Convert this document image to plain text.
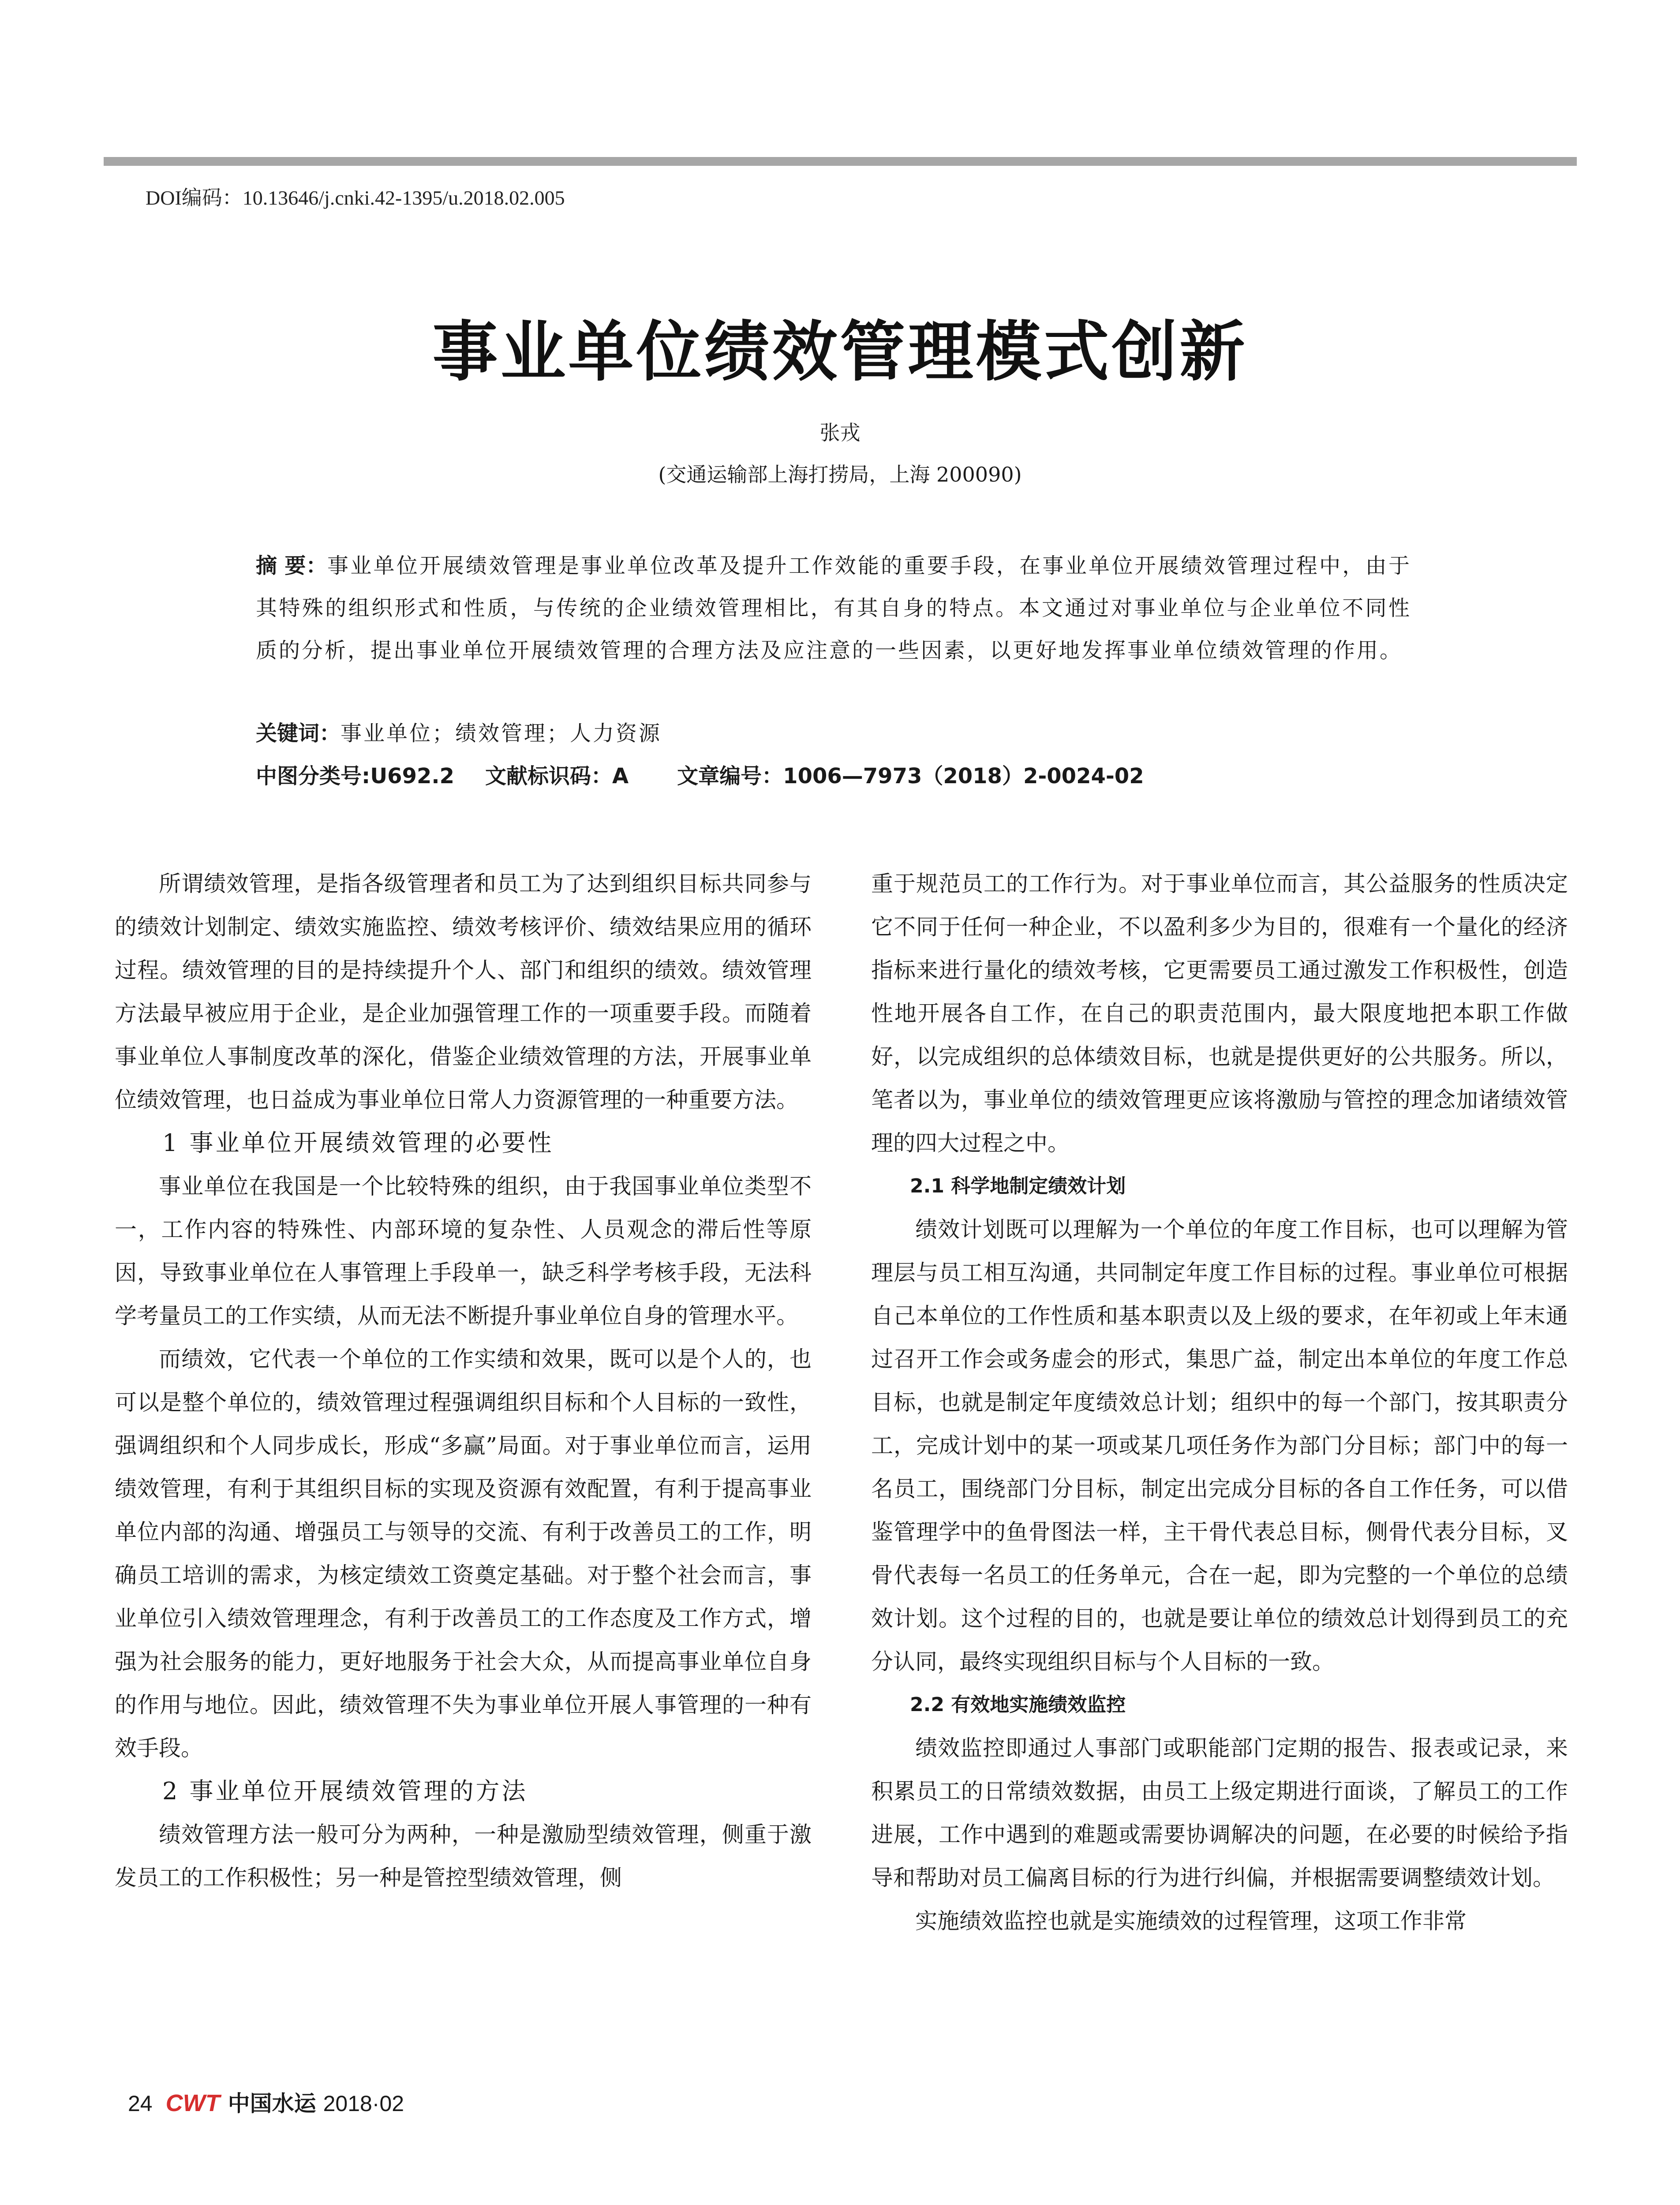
DOI编码：10.13646/j.cnki.42-1395/u.2018.02.005
事业单位绩效管理模式创新
张戎
(交通运输部上海打捞局，上海 200090)
摘 要：事业单位开展绩效管理是事业单位改革及提升工作效能的重要手段，在事业单位开展绩效管理过程中，由于其特殊的组织形式和性质，与传统的企业绩效管理相比，有其自身的特点。本文通过对事业单位与企业单位不同性质的分析，提出事业单位开展绩效管理的合理方法及应注意的一些因素，以更好地发挥事业单位绩效管理的作用。
关键词：事业单位；绩效管理；人力资源
中图分类号:U692.2 文献标识码：A 文章编号：1006—7973（2018）2-0024-02

所谓绩效管理，是指各级管理者和员工为了达到组织目标共同参与的绩效计划制定、绩效实施监控、绩效考核评价、绩效结果应用的循环过程。绩效管理的目的是持续提升个人、部门和组织的绩效。绩效管理方法最早被应用于企业，是企业加强管理工作的一项重要手段。而随着事业单位人事制度改革的深化，借鉴企业绩效管理的方法，开展事业单位绩效管理，也日益成为事业单位日常人力资源管理的一种重要方法。

1 事业单位开展绩效管理的必要性

事业单位在我国是一个比较特殊的组织，由于我国事业单位类型不一，工作内容的特殊性、内部环境的复杂性、人员观念的滞后性等原因，导致事业单位在人事管理上手段单一，缺乏科学考核手段，无法科学考量员工的工作实绩，从而无法不断提升事业单位自身的管理水平。

而绩效，它代表一个单位的工作实绩和效果，既可以是个人的，也可以是整个单位的，绩效管理过程强调组织目标和个人目标的一致性，强调组织和个人同步成长，形成“多赢”局面。对于事业单位而言，运用绩效管理，有利于其组织目标的实现及资源有效配置，有利于提高事业单位内部的沟通、增强员工与领导的交流、有利于改善员工的工作，明确员工培训的需求，为核定绩效工资奠定基础。对于整个社会而言，事业单位引入绩效管理理念，有利于改善员工的工作态度及工作方式，增强为社会服务的能力，更好地服务于社会大众，从而提高事业单位自身的作用与地位。因此，绩效管理不失为事业单位开展人事管理的一种有效手段。

2 事业单位开展绩效管理的方法

绩效管理方法一般可分为两种，一种是激励型绩效管理，侧重于激发员工的工作积极性；另一种是管控型绩效管理，侧

重于规范员工的工作行为。对于事业单位而言，其公益服务的性质决定它不同于任何一种企业，不以盈利多少为目的，很难有一个量化的经济指标来进行量化的绩效考核，它更需要员工通过激发工作积极性，创造性地开展各自工作，在自己的职责范围内，最大限度地把本职工作做好，以完成组织的总体绩效目标，也就是提供更好的公共服务。所以，笔者以为，事业单位的绩效管理更应该将激励与管控的理念加诸绩效管理的四大过程之中。

2.1 科学地制定绩效计划

绩效计划既可以理解为一个单位的年度工作目标，也可以理解为管理层与员工相互沟通，共同制定年度工作目标的过程。事业单位可根据自己本单位的工作性质和基本职责以及上级的要求，在年初或上年末通过召开工作会或务虚会的形式，集思广益，制定出本单位的年度工作总目标，也就是制定年度绩效总计划；组织中的每一个部门，按其职责分工，完成计划中的某一项或某几项任务作为部门分目标；部门中的每一名员工，围绕部门分目标，制定出完成分目标的各自工作任务，可以借鉴管理学中的鱼骨图法一样，主干骨代表总目标，侧骨代表分目标，叉骨代表每一名员工的任务单元，合在一起，即为完整的一个单位的总绩效计划。这个过程的目的，也就是要让单位的绩效总计划得到员工的充分认同，最终实现组织目标与个人目标的一致。

2.2 有效地实施绩效监控

绩效监控即通过人事部门或职能部门定期的报告、报表或记录，来积累员工的日常绩效数据，由员工上级定期进行面谈，了解员工的工作进展，工作中遇到的难题或需要协调解决的问题，在必要的时候给予指导和帮助对员工偏离目标的行为进行纠偏，并根据需要调整绩效计划。

实施绩效监控也就是实施绩效的过程管理，这项工作非常

24 CWT 中国水运 2018·02
